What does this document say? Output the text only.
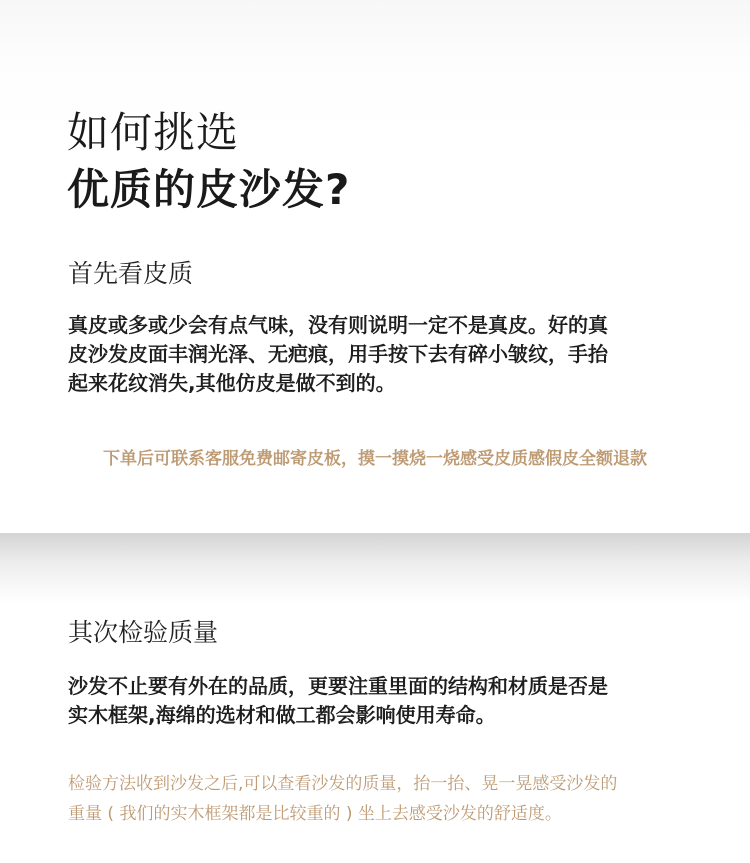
如何挑选
优质的皮沙发?
首先看皮质
真皮或多或少会有点气味，没有则说明一定不是真皮。好的真
皮沙发皮面丰润光泽、无疤痕，用手按下去有碎小皱纹，手抬
起来花纹消失,其他仿皮是做不到的。
下单后可联系客服免费邮寄皮板，摸一摸烧一烧感受皮质感假皮全额退款
其次检验质量
沙发不止要有外在的品质，更要注重里面的结构和材质是否是
实木框架,海绵的选材和做工都会影响使用寿命。
检验方法收到沙发之后,可以查看沙发的质量，抬一抬、晃一晃感受沙发的
重量 ( 我们的实木框架都是比较重的 ) 坐上去感受沙发的舒适度。
